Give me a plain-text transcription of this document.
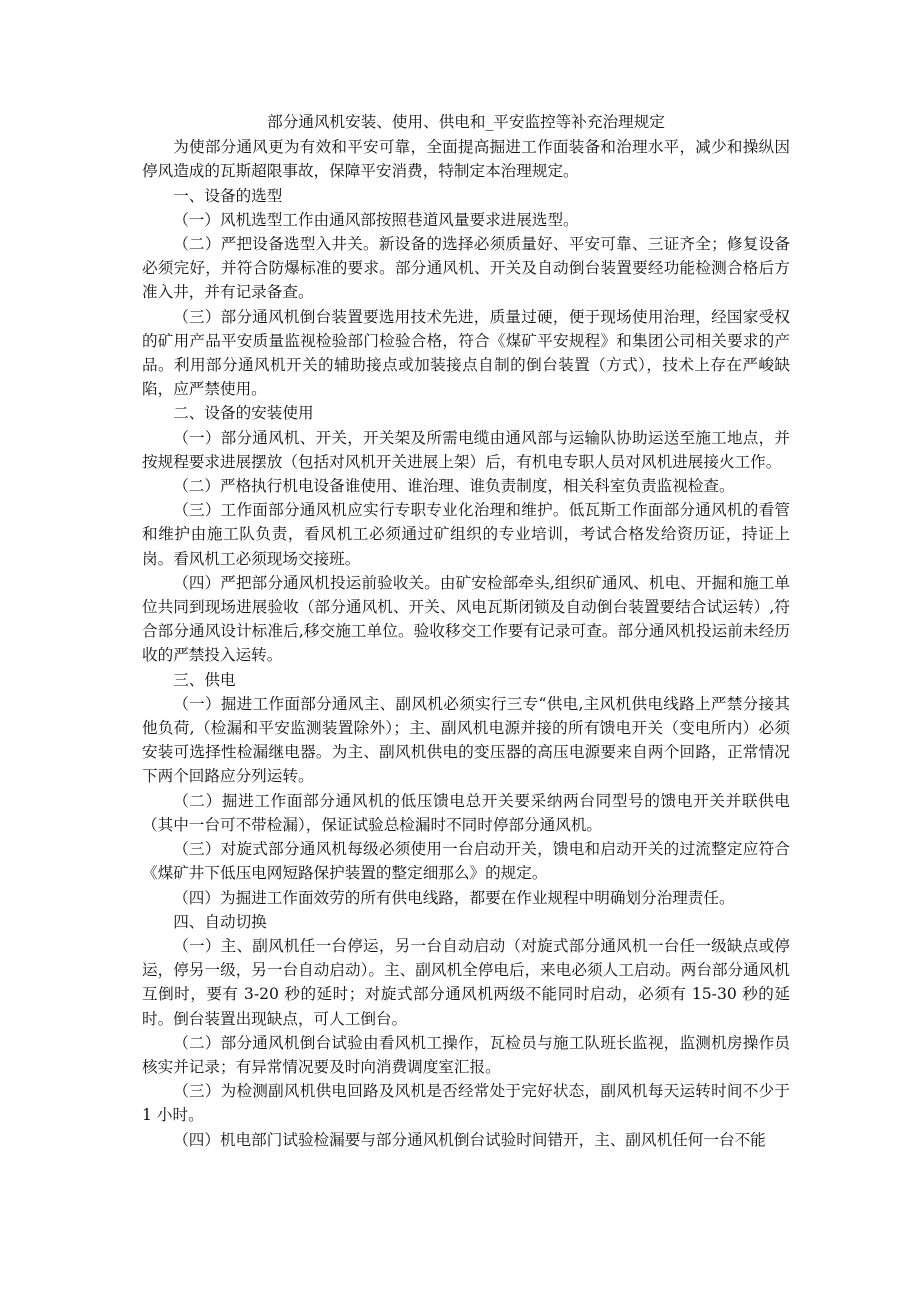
部分通风机安装、使用、供电和_平安监控等补充治理规定

为使部分通风更为有效和平安可靠，全面提高掘进工作面装备和治理水平，减少和操纵因停风造成的瓦斯超限事故，保障平安消费，特制定本治理规定。

一、设备的选型

（一）风机选型工作由通风部按照巷道风量要求进展选型。

（二）严把设备选型入井关。新设备的选择必须质量好、平安可靠、三证齐全；修复设备必须完好，并符合防爆标准的要求。部分通风机、开关及自动倒台装置要经功能检测合格后方准入井，并有记录备查。

（三）部分通风机倒台装置要选用技术先进，质量过硬，便于现场使用治理，经国家受权的矿用产品平安质量监视检验部门检验合格，符合《煤矿平安规程》和集团公司相关要求的产品。利用部分通风机开关的辅助接点或加装接点自制的倒台装置（方式），技术上存在严峻缺陷，应严禁使用。

二、设备的安装使用

（一）部分通风机、开关，开关架及所需电缆由通风部与运输队协助运送至施工地点，并按规程要求进展摆放（包括对风机开关进展上架）后，有机电专职人员对风机进展接火工作。

（二）严格执行机电设备谁使用、谁治理、谁负责制度，相关科室负责监视检查。

（三）工作面部分通风机应实行专职专业化治理和维护。低瓦斯工作面部分通风机的看管和维护由施工队负责，看风机工必须通过矿组织的专业培训，考试合格发给资历证，持证上岗。看风机工必须现场交接班。

（四）严把部分通风机投运前验收关。由矿安检部牵头,组织矿通风、机电、开掘和施工单位共同到现场进展验收（部分通风机、开关、风电瓦斯闭锁及自动倒台装置要结合试运转）,符合部分通风设计标准后,移交施工单位。验收移交工作要有记录可查。部分通风机投运前未经历收的严禁投入运转。

三、供电

（一）掘进工作面部分通风主、副风机必须实行三专“供电,主风机供电线路上严禁分接其他负荷,（检漏和平安监测装置除外）；主、副风机电源并接的所有馈电开关（变电所内）必须安装可选择性检漏继电器。为主、副风机供电的变压器的高压电源要来自两个回路，正常情况下两个回路应分列运转。

（二）掘进工作面部分通风机的低压馈电总开关要采纳两台同型号的馈电开关并联供电（其中一台可不带检漏），保证试验总检漏时不同时停部分通风机。

（三）对旋式部分通风机每级必须使用一台启动开关，馈电和启动开关的过流整定应符合《煤矿井下低压电网短路保护装置的整定细那么》的规定。

（四）为掘进工作面效劳的所有供电线路，都要在作业规程中明确划分治理责任。

四、自动切换

（一）主、副风机任一台停运，另一台自动启动（对旋式部分通风机一台任一级缺点或停运，停另一级，另一台自动启动）。主、副风机全停电后，来电必须人工启动。两台部分通风机互倒时，要有 3-20 秒的延时；对旋式部分通风机两级不能同时启动，必须有 15-30 秒的延时。倒台装置出现缺点，可人工倒台。

（二）部分通风机倒台试验由看风机工操作，瓦检员与施工队班长监视，监测机房操作员核实并记录；有异常情况要及时向消费调度室汇报。

（三）为检测副风机供电回路及风机是否经常处于完好状态，副风机每天运转时间不少于 1 小时。

（四）机电部门试验检漏要与部分通风机倒台试验时间错开，主、副风机任何一台不能
